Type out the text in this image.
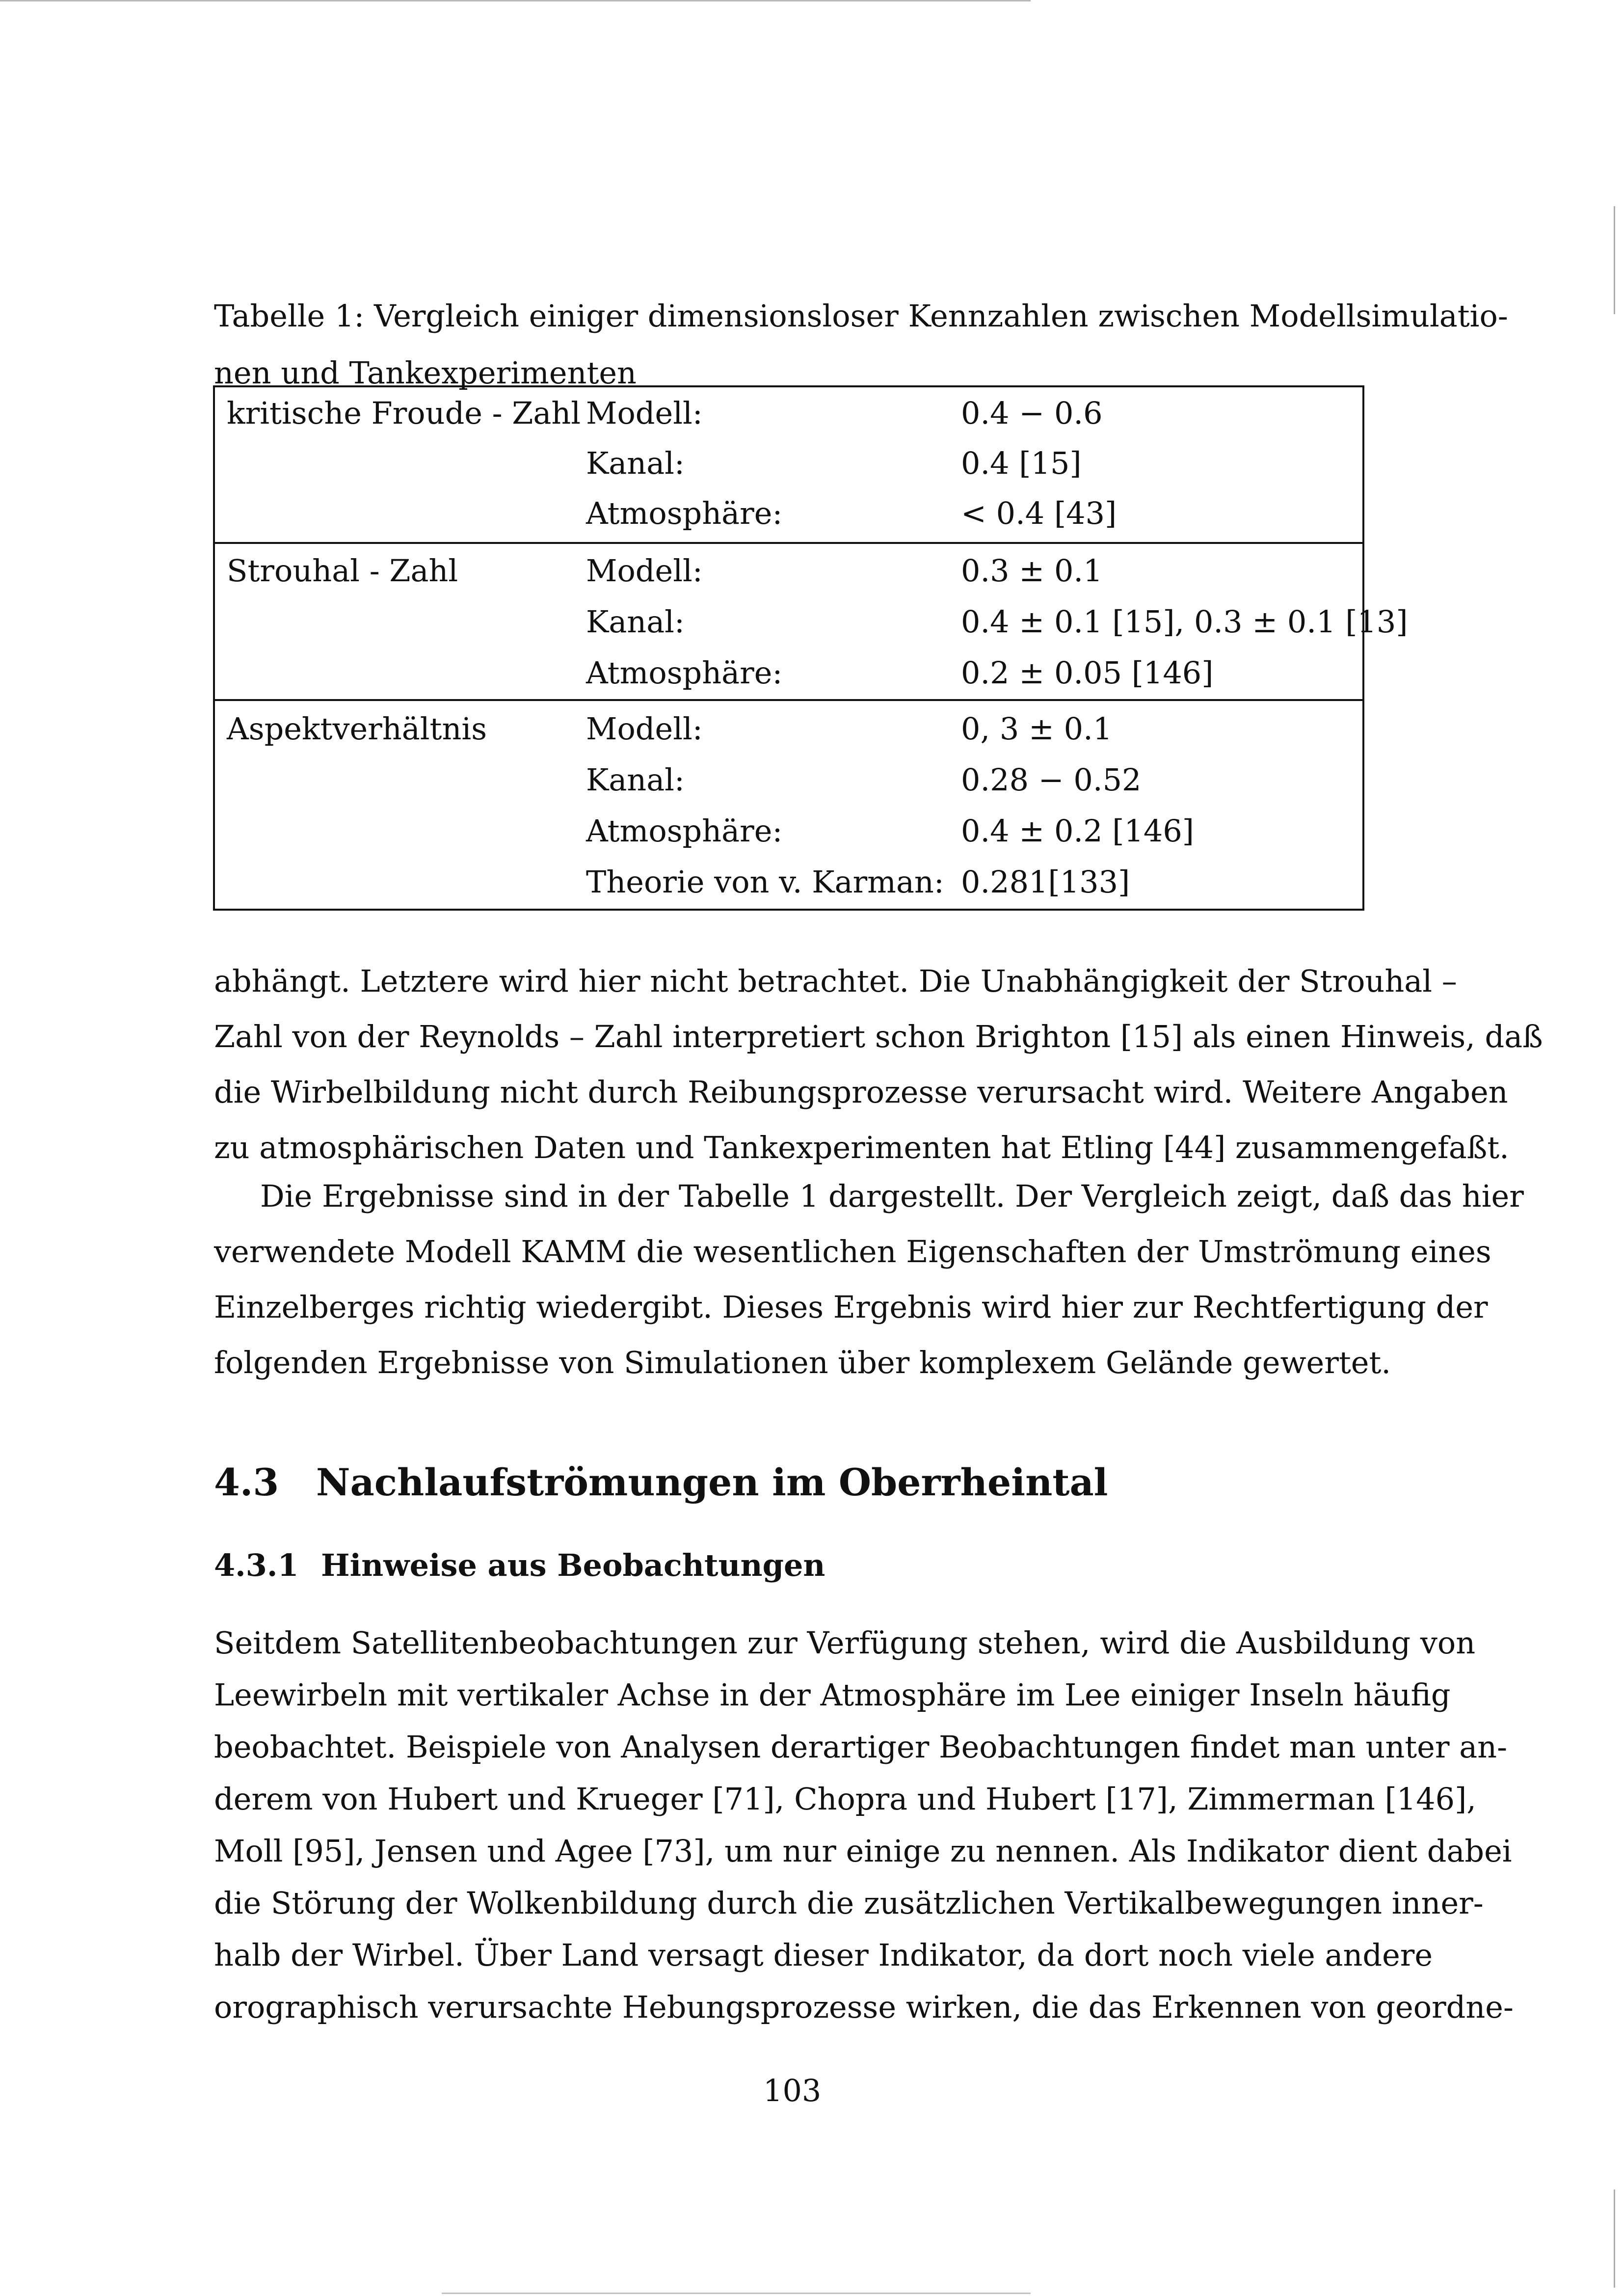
Tabelle 1: Vergleich einiger dimensionsloser Kennzahlen zwischen Modellsimulatio-
nen und Tankexperimenten
kritische Froude - Zahl Modell:	0.4 − 0.6
Kanal:	0.4 [15]
Atmosphäre:	< 0.4 [43]
Strouhal - Zahl	Modell:	0.3 ± 0.1
Kanal:	0.4 ± 0.1 [15], 0.3 ± 0.1 [13]
Atmosphäre:	0.2 ± 0.05 [146]
Aspektverhältnis	Modell:	0, 3 ± 0.1
Kanal:	0.28 − 0.52
Atmosphäre:	0.4 ± 0.2 [146]
Theorie von v. Karman: 0.281[133]
abhängt. Letztere wird hier nicht betrachtet. Die Unabhängigkeit der Strouhal –
Zahl von der Reynolds – Zahl interpretiert schon Brighton [15] als einen Hinweis, daß
die Wirbelbildung nicht durch Reibungsprozesse verursacht wird. Weitere Angaben
zu atmosphärischen Daten und Tankexperimenten hat Etling [44] zusammengefaßt.
Die Ergebnisse sind in der Tabelle 1 dargestellt. Der Vergleich zeigt, daß das hier
verwendete Modell KAMM die wesentlichen Eigenschaften der Umströmung eines
Einzelberges richtig wiedergibt. Dieses Ergebnis wird hier zur Rechtfertigung der
folgenden Ergebnisse von Simulationen über komplexem Gelände gewertet.
4.3 Nachlaufströmungen im Oberrheintal
4.3.1 Hinweise aus Beobachtungen
Seitdem Satellitenbeobachtungen zur Verfügung stehen, wird die Ausbildung von
Leewirbeln mit vertikaler Achse in der Atmosphäre im Lee einiger Inseln häufig
beobachtet. Beispiele von Analysen derartiger Beobachtungen findet man unter an-
derem von Hubert und Krueger [71], Chopra und Hubert [17], Zimmerman [146],
Moll [95], Jensen und Agee [73], um nur einige zu nennen. Als Indikator dient dabei
die Störung der Wolkenbildung durch die zusätzlichen Vertikalbewegungen inner-
halb der Wirbel. Über Land versagt dieser Indikator, da dort noch viele andere
orographisch verursachte Hebungsprozesse wirken, die das Erkennen von geordne-
103
